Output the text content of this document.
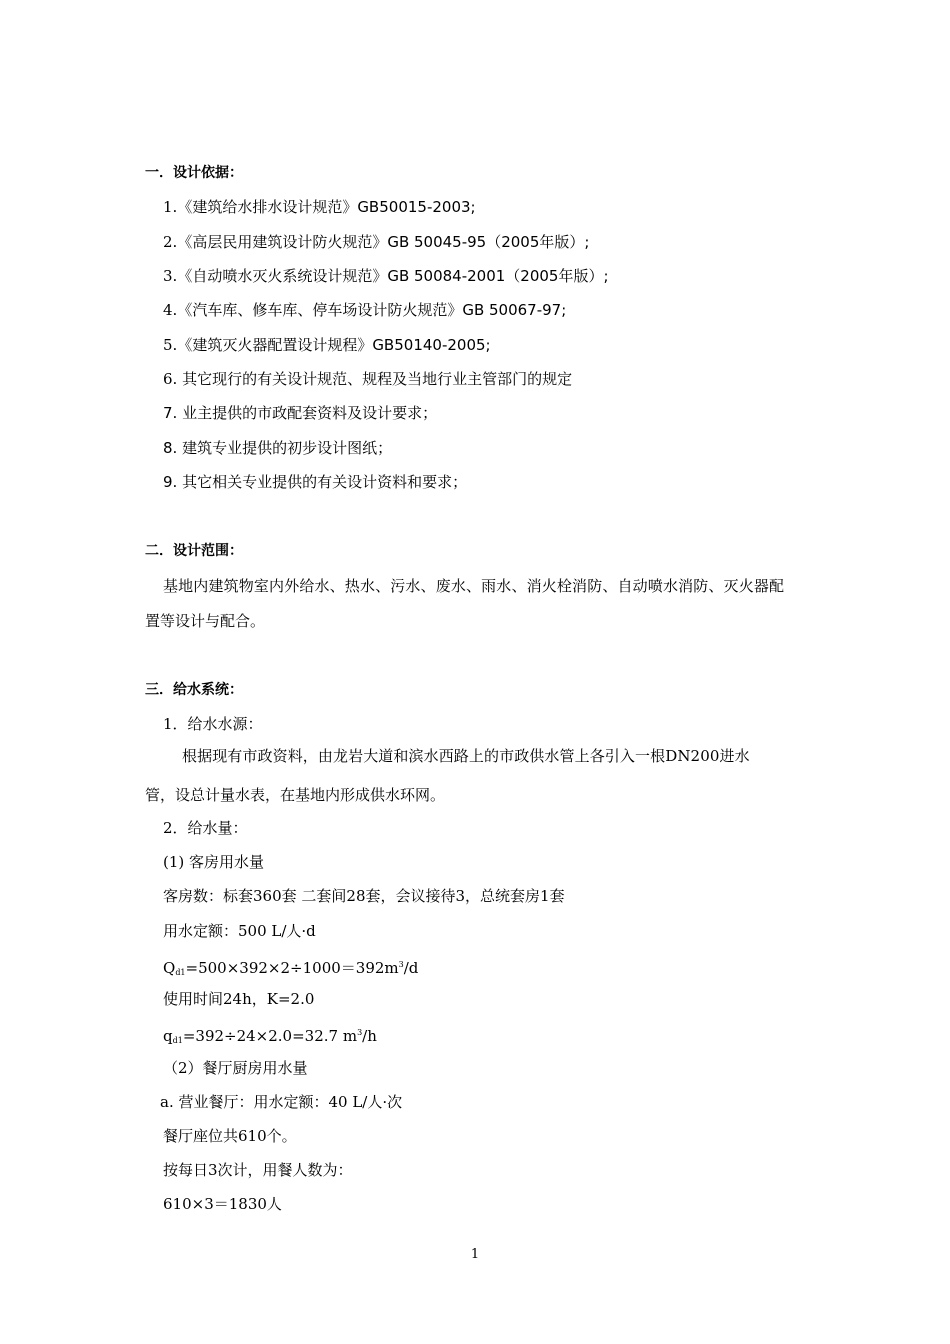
一．设计依据：
1.《建筑给水排水设计规范》GB50015-2003;
2.《高层民用建筑设计防火规范》GB 50045-95（2005年版）;
3.《自动喷水灭火系统设计规范》GB 50084-2001（2005年版）;
4.《汽车库、修车库、停车场设计防火规范》GB 50067-97;
5.《建筑灭火器配置设计规程》GB50140-2005;
6. 其它现行的有关设计规范、规程及当地行业主管部门的规定
7. 业主提供的市政配套资料及设计要求；
8. 建筑专业提供的初步设计图纸；
9. 其它相关专业提供的有关设计资料和要求；
二．设计范围：
基地内建筑物室内外给水、热水、污水、废水、雨水、消火栓消防、自动喷水消防、灭火器配
置等设计与配合。
三．给水系统：
1．给水水源：
根据现有市政资料，由龙岩大道和滨水西路上的市政供水管上各引入一根DN200进水
管，设总计量水表，在基地内形成供水环网。
2．给水量：
(1) 客房用水量
客房数：标套360套 二套间28套，会议接待3，总统套房1套
用水定额：500 L/人·d
$Q_{d1}=500\times 392\times 2\div 1000=392m^3/d$
使用时间24h，K=2.0
$q_{d1}=392\div 24\times 2.0=32.7$ $m^3/h$
（2）餐厅厨房用水量
a. 营业餐厅：用水定额：40 L/人·次
餐厅座位共610个。
按每日3次计，用餐人数为：
610×3＝1830人
1
